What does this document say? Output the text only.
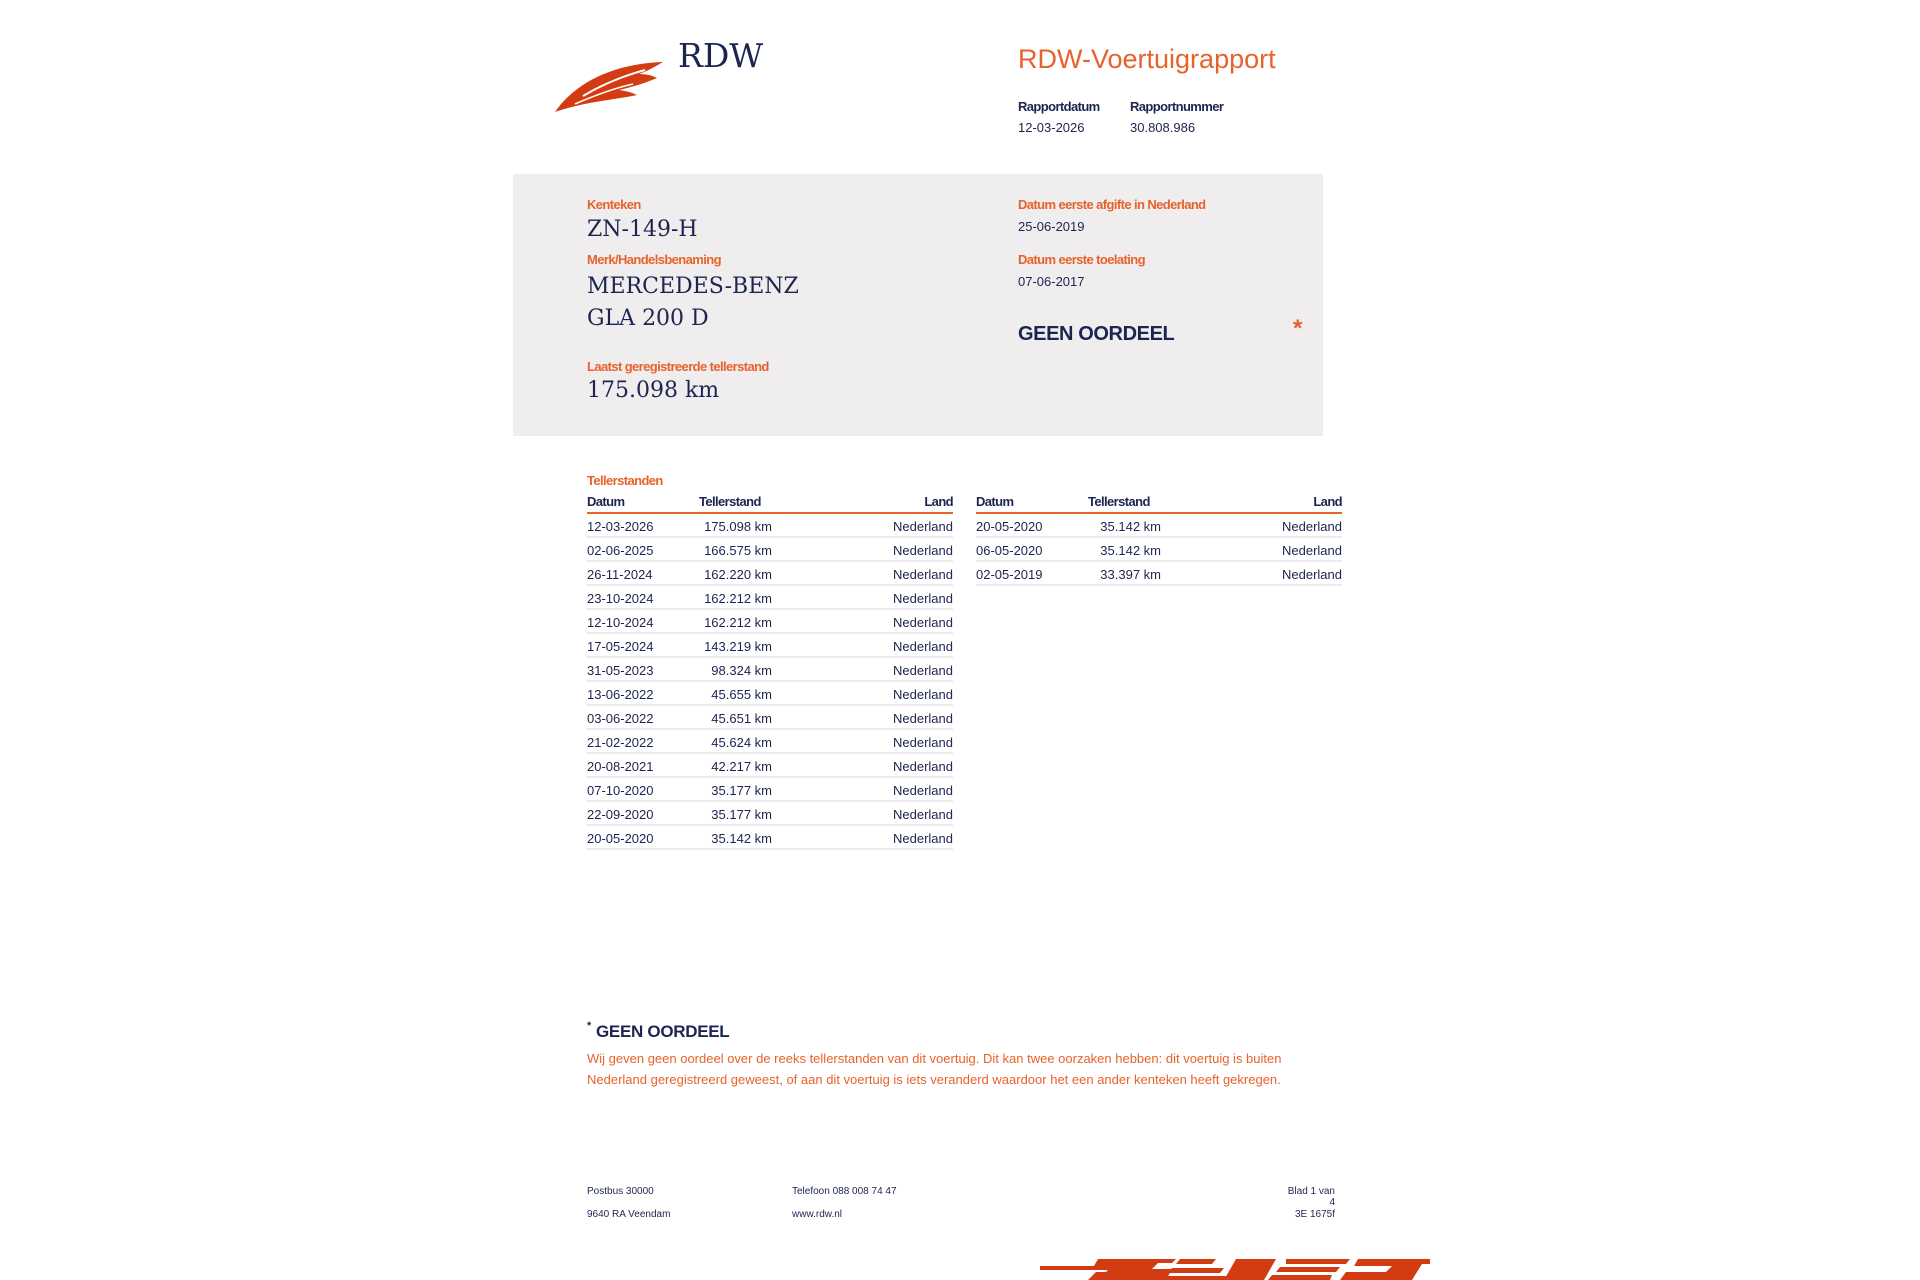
RDW	RDW-Voertuigrapport
Rapportdatum Rapportnummer
12-03-2026	30.808.986
Kenteken
ZN-149-H
Merk/Handelsbenaming
MERCEDES-BENZ
GLA 200 D
Laatst geregistreerde tellerstand
175.098 km
Datum eerste afgifte in Nederland
25-06-2019
Datum eerste toelating
07-06-2017
GEEN OORDEEL	*
Tellerstanden
Datum	Tellerstand	Land
12-03-2026	175.098 km	Nederland
02-06-2025	166.575 km	Nederland
26-11-2024	162.220 km	Nederland
23-10-2024	162.212 km	Nederland
12-10-2024	162.212 km	Nederland
17-05-2024	143.219 km	Nederland
31-05-2023	98.324 km	Nederland
13-06-2022	45.655 km	Nederland
03-06-2022	45.651 km	Nederland
21-02-2022	45.624 km	Nederland
20-08-2021	42.217 km	Nederland
07-10-2020	35.177 km	Nederland
22-09-2020	35.177 km	Nederland
20-05-2020	35.142 km	Nederland
Datum	Tellerstand	Land
20-05-2020	35.142 km	Nederland
06-05-2020	35.142 km	Nederland
02-05-2019	33.397 km	Nederland
* GEEN OORDEEL
Wij geven geen oordeel over de reeks tellerstanden van dit voertuig. Dit kan twee oorzaken hebben: dit voertuig is buiten Nederland geregistreerd geweest, of aan dit voertuig is iets veranderd waardoor het een ander kenteken heeft gekregen.
Postbus 30000
9640 RA Veendam
Telefoon 088 008 74 47
www.rdw.nl
Blad 1 van 4
3E 1675f
